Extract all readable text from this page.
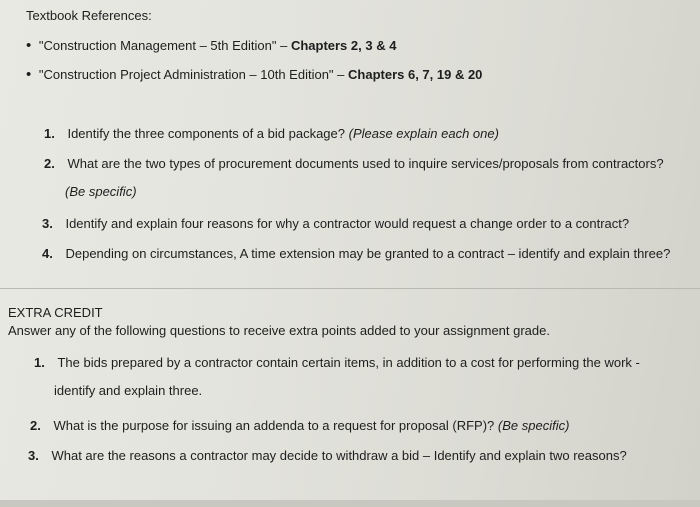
Textbook References:
• "Construction Management – 5th Edition" – Chapters 2, 3 & 4
• "Construction Project Administration – 10th Edition" – Chapters 6, 7, 19 & 20
1. Identify the three components of a bid package? (Please explain each one)
2. What are the two types of procurement documents used to inquire services/proposals from contractors?
(Be specific)
3. Identify and explain four reasons for why a contractor would request a change order to a contract?
4. Depending on circumstances, A time extension may be granted to a contract – identify and explain three?
EXTRA CREDIT
Answer any of the following questions to receive extra points added to your assignment grade.
1. The bids prepared by a contractor contain certain items, in addition to a cost for performing the work -
identify and explain three.
2. What is the purpose for issuing an addenda to a request for proposal (RFP)? (Be specific)
3. What are the reasons a contractor may decide to withdraw a bid – Identify and explain two reasons?
